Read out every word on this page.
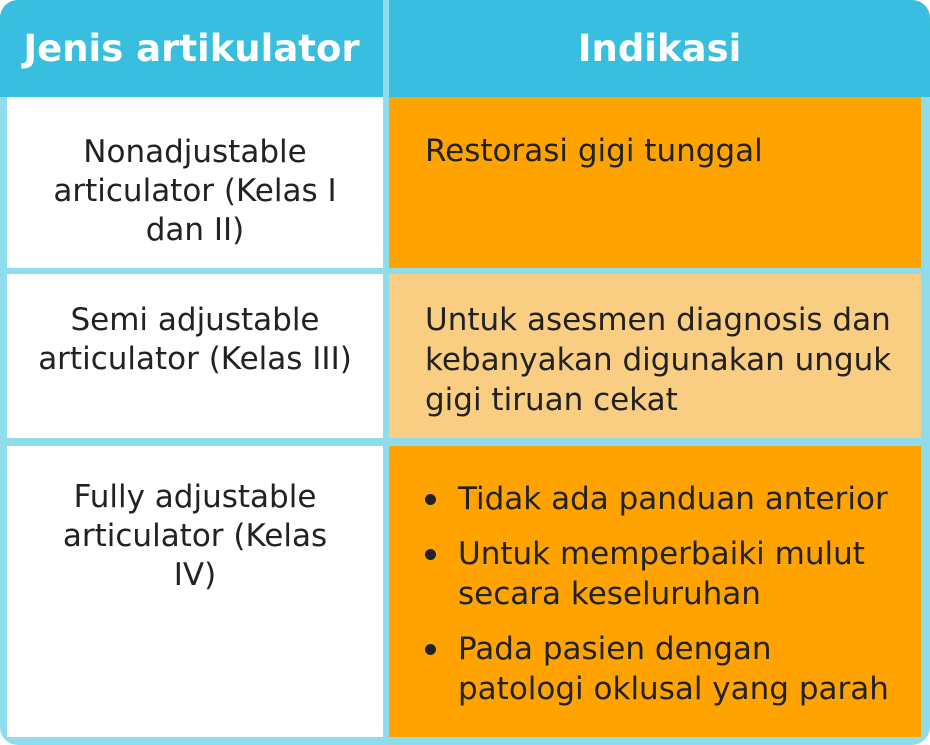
Jenis artikulator	Indikasi
Nonadjustable articulator (Kelas I dan II)
Restorasi gigi tunggal
Semi adjustable articulator (Kelas III)
Untuk asesmen diagnosis dan kebanyakan digunakan unguk gigi tiruan cekat
Fully adjustable articulator (Kelas IV)
Tidak ada panduan anterior
Untuk memperbaiki mulut secara keseluruhan
Pada pasien dengan patologi oklusal yang parah
